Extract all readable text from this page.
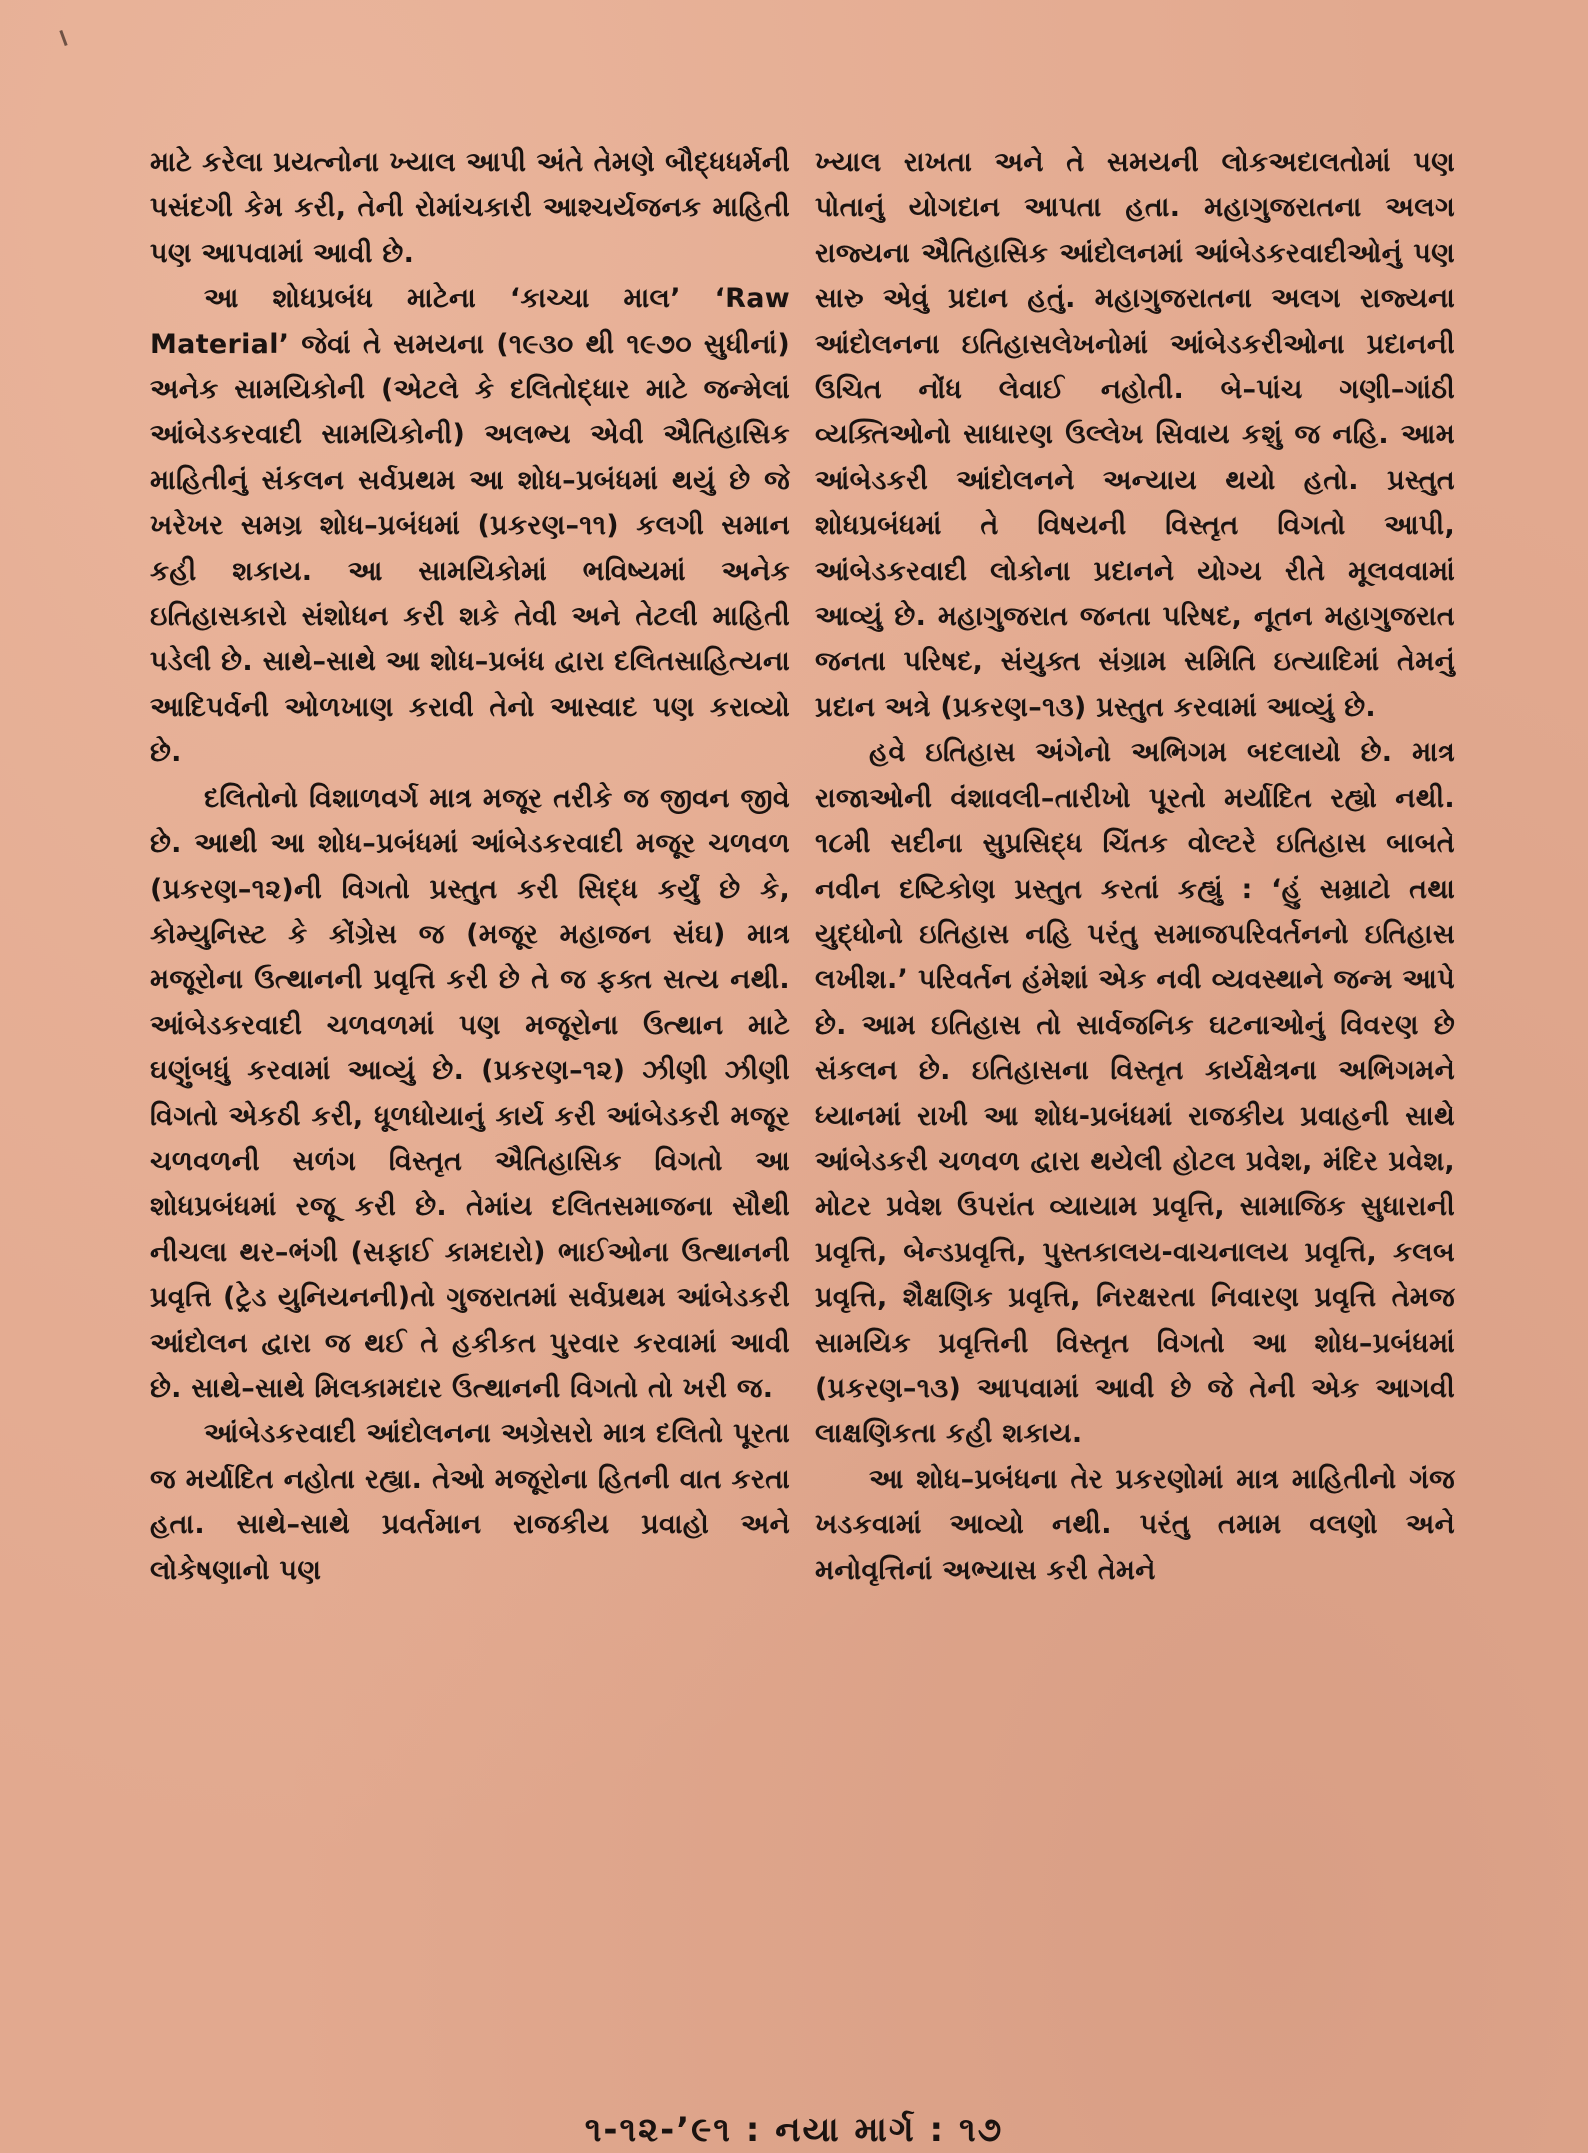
માટે કરેલા પ્રયત્નોના ખ્યાલ આપી અંતે તેમણે બૌદ્ધધર્મની પસંદગી કેમ કરી, તેની રોમાંચકારી આશ્ચર્યજનક માહિતી પણ આપવામાં આવી છે.

આ શોધપ્રબંધ માટેના ‘કાચ્ચા માલ’ ‘Raw Material’ જેવાં તે સમયના (૧૯૩૦ થી ૧૯૭૦ સુધીનાં) અનેક સામયિકોની (એટલે કે દલિતોદ્ધાર માટે જન્મેલાં આંબેડકરવાદી સામયિકોની) અલભ્ય એવી ઐતિહાસિક માહિતીનું સંકલન સર્વપ્રથમ આ શોધ–પ્રબંધમાં થયું છે જે ખરેખર સમગ્ર શોધ–પ્રબંધમાં (પ્રકરણ–૧૧) કલગી સમાન કહી શકાય. આ સામયિકોમાં ભવિષ્યમાં અનેક ઇતિહાસકારો સંશોધન કરી શકે તેવી અને તેટલી માહિતી પડેલી છે. સાથે–સાથે આ શોધ–પ્રબંધ દ્વારા દલિતસાહિત્યના આદિપર્વની ઓળખાણ કરાવી તેનો આસ્વાદ પણ કરાવ્યો છે.

દલિતોનો વિશાળવર્ગ માત્ર મજૂર તરીકે જ જીવન જીવે છે. આથી આ શોધ–પ્રબંધમાં આંબેડકરવાદી મજૂર ચળવળ (પ્રકરણ–૧૨)ની વિગતો પ્રસ્તુત કરી સિદ્ધ કર્યું છે કે, કોમ્યુનિસ્ટ કે કોંગ્રેસ જ (મજૂર મહાજન સંઘ) માત્ર મજૂરોના ઉત્થાનની પ્રવૃત્તિ કરી છે તે જ ફક્ત સત્ય નથી. આંબેડકરવાદી ચળવળમાં પણ મજૂરોના ઉત્થાન માટે ઘણુંબધું કરવામાં આવ્યું છે. (પ્રકરણ–૧૨) ઝીણી ઝીણી વિગતો એકઠી કરી, ધૂળધોયાનું કાર્ય કરી આંબેડકરી મજૂર ચળવળની સળંગ વિસ્તૃત ઐતિહાસિક વિગતો આ શોધપ્રબંધમાં રજૂ કરી છે. તેમાંય દલિતસમાજના સૌથી નીચલા થર–ભંગી (સફાઈ કામદારો) ભાઈઓના ઉત્થાનની પ્રવૃત્તિ (ટ્રેડ યુનિયનની)તો ગુજરાતમાં સર્વપ્રથમ આંબેડકરી આંદોલન દ્વારા જ થઈ તે હકીકત પુરવાર કરવામાં આવી છે. સાથે–સાથે મિલકામદાર ઉત્થાનની વિગતો તો ખરી જ.

આંબેડકરવાદી આંદોલનના અગ્રેસરો માત્ર દલિતો પૂરતા જ મર્યાદિત નહોતા રહ્યા. તેઓ મજૂરોના હિતની વાત કરતા હતા. સાથે–સાથે પ્રવર્તમાન રાજકીય પ્રવાહો અને લોકેષણાનો પણ

ખ્યાલ રાખતા અને તે સમયની લોકઅદાલતોમાં પણ પોતાનું યોગદાન આપતા હતા. મહાગુજરાતના અલગ રાજ્યના ઐતિહાસિક આંદોલનમાં આંબેડકરવાદીઓનું પણ સારુ એવું પ્રદાન હતું. મહાગુજરાતના અલગ રાજ્યના આંદોલનના ઇતિહાસલેખનોમાં આંબેડકરીઓના પ્રદાનની ઉચિત નોંધ લેવાઈ નહોતી. બે–પાંચ ગણી–ગાંઠી વ્યક્તિઓનો સાધારણ ઉલ્લેખ સિવાય કશું જ નહિ. આમ આંબેડકરી આંદોલનને અન્યાય થયો હતો. પ્રસ્તુત શોધપ્રબંધમાં તે વિષયની વિસ્તૃત વિગતો આપી, આંબેડકરવાદી લોકોના પ્રદાનને યોગ્ય રીતે મૂલવવામાં આવ્યું છે. મહાગુજરાત જનતા પરિષદ, નૂતન મહાગુજરાત જનતા પરિષદ, સંયુક્ત સંગ્રામ સમિતિ ઇત્યાદિમાં તેમનું પ્રદાન અત્રે (પ્રકરણ–૧૩) પ્રસ્તુત કરવામાં આવ્યું છે.

હવે ઇતિહાસ અંગેનો અભિગમ બદલાયો છે. માત્ર રાજાઓની વંશાવલી–તારીખો પૂરતો મર્યાદિત રહ્યો નથી. ૧૮મી સદીના સુપ્રસિદ્ધ ચિંતક વોલ્ટરે ઇતિહાસ બાબતે નવીન દષ્ટિકોણ પ્રસ્તુત કરતાં કહ્યું : ‘હું સમ્રાટો તથા યુદ્ધોનો ઇતિહાસ નહિ પરંતુ સમાજપરિવર્તનનો ઇતિહાસ લખીશ.’ પરિવર્તન હંમેશાં એક નવી વ્યવસ્થાને જન્મ આપે છે. આમ ઇતિહાસ તો સાર્વજનિક ઘટનાઓનું વિવરણ છે સંકલન છે. ઇતિહાસના વિસ્તૃત કાર્યક્ષેત્રના અભિગમને ધ્યાનમાં રાખી આ શોધ-પ્રબંધમાં રાજકીય પ્રવાહની સાથે આંબેડકરી ચળવળ દ્વારા થયેલી હોટલ પ્રવેશ, મંદિર પ્રવેશ, મોટર પ્રવેશ ઉપરાંત વ્યાયામ પ્રવૃત્તિ, સામાજિક સુધારાની પ્રવૃત્તિ, બેન્ડપ્રવૃત્તિ, પુસ્તકાલય-વાચનાલય પ્રવૃત્તિ, કલબ પ્રવૃત્તિ, શૈક્ષણિક પ્રવૃત્તિ, નિરક્ષરતા નિવારણ પ્રવૃત્તિ તેમજ સામયિક પ્રવૃત્તિની વિસ્તૃત વિગતો આ શોધ–પ્રબંધમાં (પ્રકરણ–૧૩) આપવામાં આવી છે જે તેની એક આગવી લાક્ષણિકતા કહી શકાય.

આ શોધ–પ્રબંધના તેર પ્રકરણોમાં માત્ર માહિતીનો ગંજ ખડકવામાં આવ્યો નથી. પરંતુ તમામ વલણો અને મનોવૃત્તિનાં અભ્યાસ કરી તેમને

૧-૧૨-’૯૧ : નયા માર્ગ : ૧૭
